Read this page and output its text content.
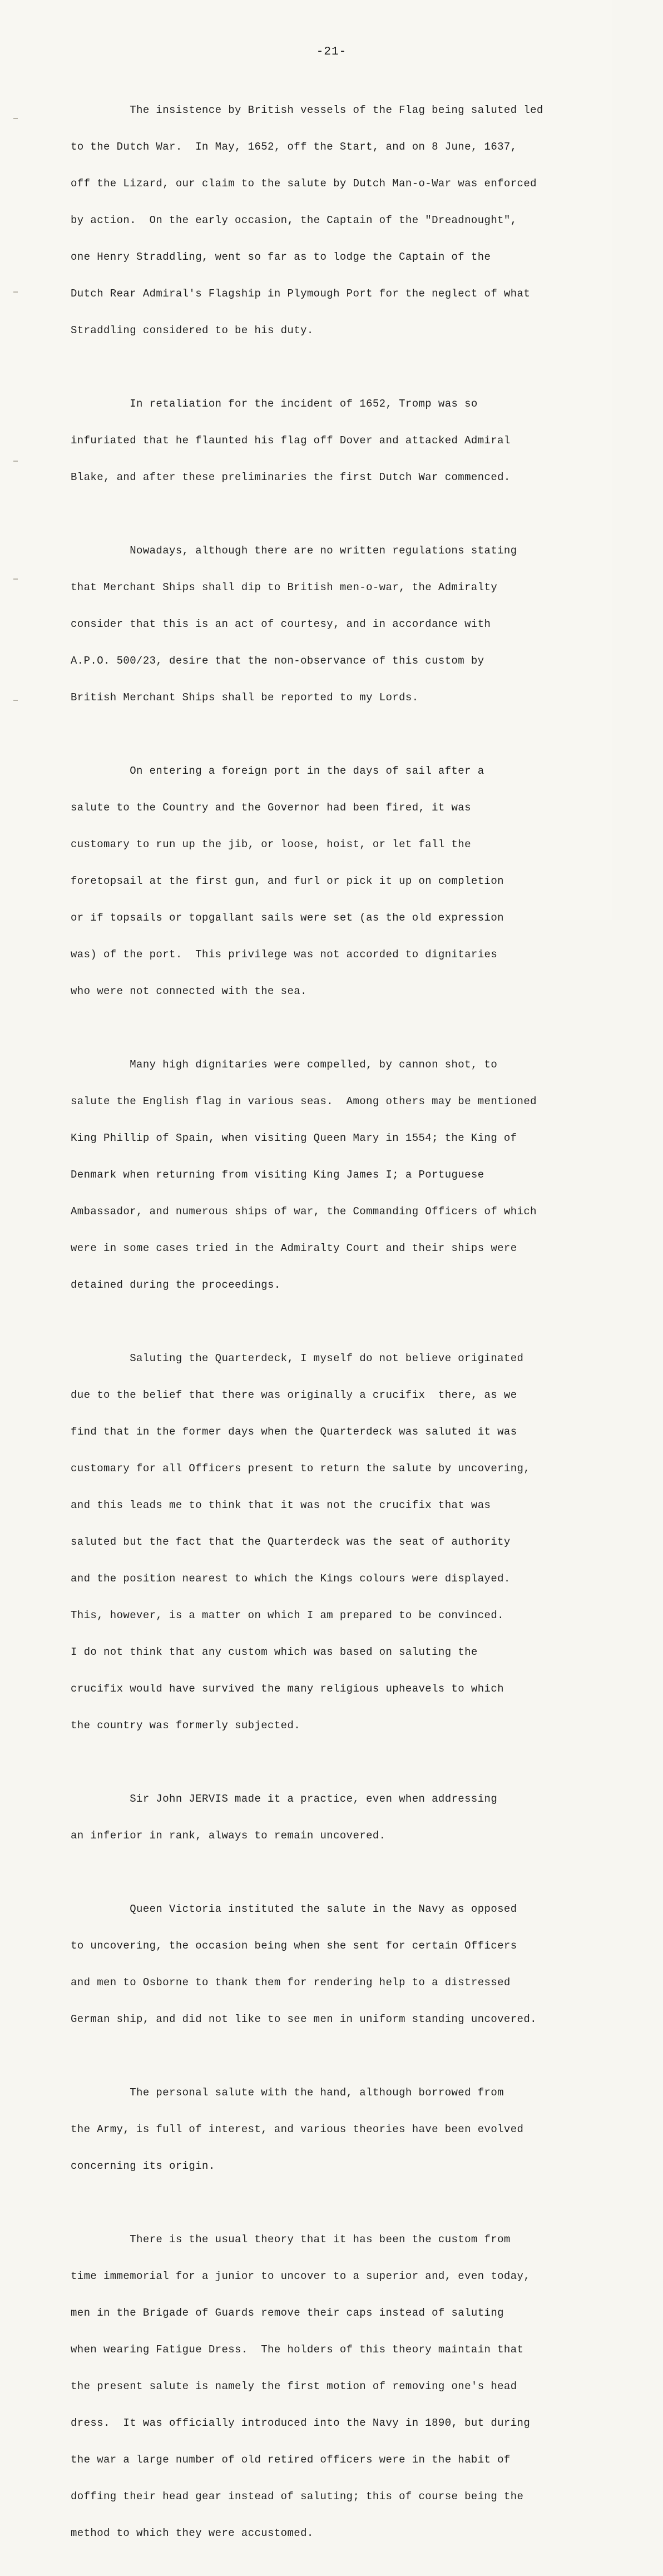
-21-

The insistence by British vessels of the Flag being saluted led

to the Dutch War.  In May, 1652, off the Start, and on 8 June, 1637,

off the Lizard, our claim to the salute by Dutch Man-o-War was enforced

by action.  On the early occasion, the Captain of the "Dreadnought",

one Henry Straddling, went so far as to lodge the Captain of the

Dutch Rear Admiral's Flagship in Plymough Port for the neglect of what

Straddling considered to be his duty.

In retaliation for the incident of 1652, Tromp was so

infuriated that he flaunted his flag off Dover and attacked Admiral

Blake, and after these preliminaries the first Dutch War commenced.

Nowadays, although there are no written regulations stating

that Merchant Ships shall dip to British men-o-war, the Admiralty

consider that this is an act of courtesy, and in accordance with

A.P.O. 500/23, desire that the non-observance of this custom by

British Merchant Ships shall be reported to my Lords.

On entering a foreign port in the days of sail after a

salute to the Country and the Governor had been fired, it was

customary to run up the jib, or loose, hoist, or let fall the

foretopsail at the first gun, and furl or pick it up on completion

or if topsails or topgallant sails were set (as the old expression

was) of the port.  This privilege was not accorded to dignitaries

who were not connected with the sea.

Many high dignitaries were compelled, by cannon shot, to

salute the English flag in various seas.  Among others may be mentioned

King Phillip of Spain, when visiting Queen Mary in 1554; the King of

Denmark when returning from visiting King James I; a Portuguese

Ambassador, and numerous ships of war, the Commanding Officers of which

were in some cases tried in the Admiralty Court and their ships were

detained during the proceedings.

Saluting the Quarterdeck, I myself do not believe originated

due to the belief that there was originally a crucifix  there, as we

find that in the former days when the Quarterdeck was saluted it was

customary for all Officers present to return the salute by uncovering,

and this leads me to think that it was not the crucifix that was

saluted but the fact that the Quarterdeck was the seat of authority

and the position nearest to which the Kings colours were displayed.

This, however, is a matter on which I am prepared to be convinced.

I do not think that any custom which was based on saluting the

crucifix would have survived the many religious upheavels to which

the country was formerly subjected.

Sir John JERVIS made it a practice, even when addressing

an inferior in rank, always to remain uncovered.

Queen Victoria instituted the salute in the Navy as opposed

to uncovering, the occasion being when she sent for certain Officers

and men to Osborne to thank them for rendering help to a distressed

German ship, and did not like to see men in uniform standing uncovered.

The personal salute with the hand, although borrowed from

the Army, is full of interest, and various theories have been evolved

concerning its origin.

There is the usual theory that it has been the custom from

time immemorial for a junior to uncover to a superior and, even today,

men in the Brigade of Guards remove their caps instead of saluting

when wearing Fatigue Dress.  The holders of this theory maintain that

the present salute is namely the first motion of removing one's head

dress.  It was officially introduced into the Navy in 1890, but during

the war a large number of old retired officers were in the habit of

doffing their head gear instead of saluting; this of course being the

method to which they were accustomed.
